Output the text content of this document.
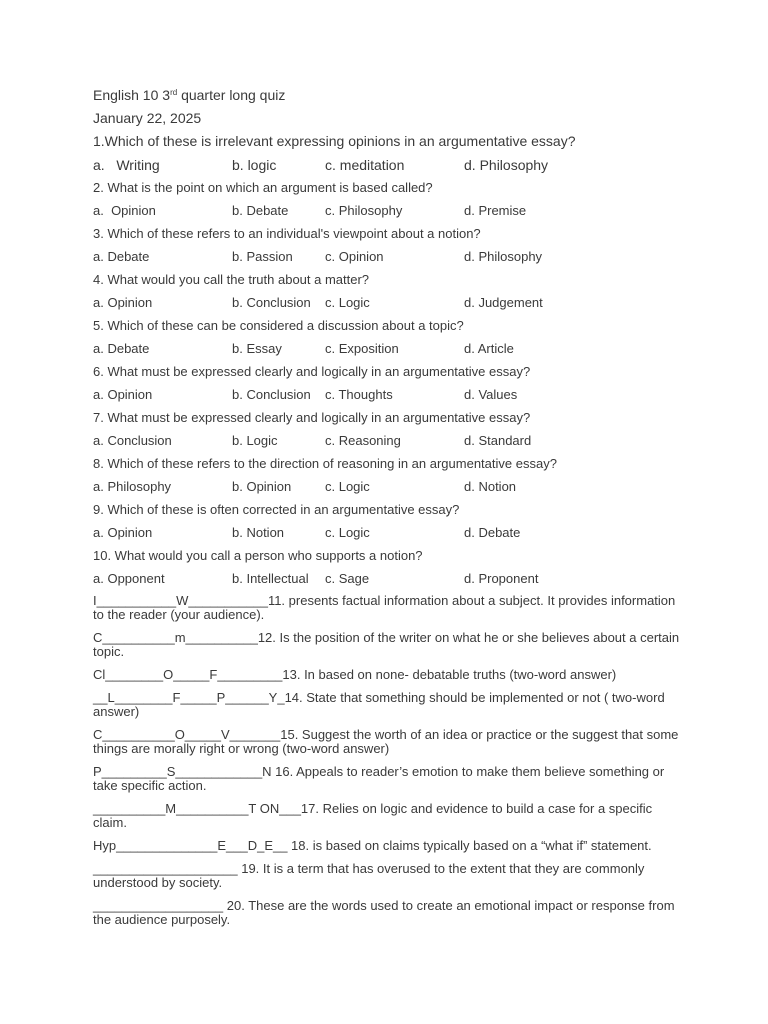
English 10 3rd quarter long quiz

January 22, 2025

1.Which of these is irrelevant expressing opinions in an argumentative essay?

a.   Writing	b. logic	c. meditation	d. Philosophy

2. What is the point on which an argument is based called?

a.  Opinion	b. Debate	c. Philosophy	d. Premise

3. Which of these refers to an individual's viewpoint about a notion?

a. Debate	b. Passion c. Opinion	d. Philosophy

4. What would you call the truth about a matter?

a. Opinion	b. Conclusion c. Logic	d. Judgement

5. Which of these can be considered a discussion about a topic?

a. Debate	b. Essay	c. Exposition	d. Article

6. What must be expressed clearly and logically in an argumentative essay?

a. Opinion	b. Conclusion c. Thoughts	d. Values

7. What must be expressed clearly and logically in an argumentative essay?

a. Conclusion	b. Logic	c. Reasoning	d. Standard

8. Which of these refers to the direction of reasoning in an argumentative essay?

a. Philosophy	b. Opinion	c. Logic	d. Notion

9. Which of these is often corrected in an argumentative essay?

a. Opinion	b. Notion	c. Logic	d. Debate

10. What would you call a person who supports a notion?

a. Opponent	b. Intellectual c. Sage	d. Proponent

I___________W___________11. presents factual information about a subject. It provides information to the reader (your audience).

C__________m__________12. Is the position of the writer on what he or she believes about a certain topic.

Cl________O_____F_________13. In based on none- debatable truths (two-word answer)

__L________F_____P______Y_14. State that something should be implemented or not ( two-word answer)

C__________O_____V_______15. Suggest the worth of an idea or practice or the suggest that some things are morally right or wrong (two-word answer)

P_________S____________N 16. Appeals to reader’s emotion to make them believe something or take specific action.

__________M__________T ON___17. Relies on logic and evidence to build a case for a specific claim.

Hyp______________E___D_E__ 18. is based on claims typically based on a “what if” statement.

____________________ 19. It is a term that has overused to the extent that they are commonly understood by society.

__________________ 20. These are the words used to create an emotional impact or response from the audience purposely.
